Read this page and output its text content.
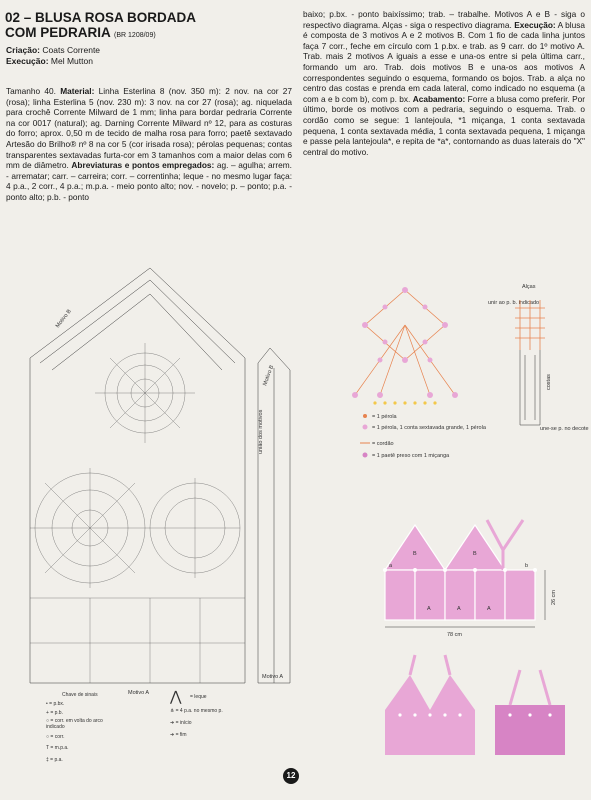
02 – BLUSA ROSA BORDADA
COM PEDRARIA (BR 1208/09)
Criação: Coats Corrente
Execução: Mel Mutton
Tamanho 40. Material: Linha Esterlina 8 (nov. 350 m): 2 nov. na cor 27 (rosa); linha Esterlina 5 (nov. 230 m): 3 nov. na cor 27 (rosa); ag. niquelada para crochê Corrente Milward de 1 mm; linha para bordar pedraria Corrente na cor 0017 (natural); ag. Darning Corrente Milward nº 12, para as costuras do forro; aprox. 0,50 m de tecido de malha rosa para forro; paetê sextavado Artesão do Brilho® nº 8 na cor 5 (cor irisada rosa); pérolas pequenas; contas transparentes sextavadas furta-cor em 3 tamanhos com a maior delas com 6 mm de diâmetro. Abreviaturas e pontos empregados: ag. – agulha; arrem. - arrematar; carr. – carreira; corr. – correntinha; leque - no mesmo lugar faça: 4 p.a., 2 corr., 4 p.a.; m.p.a. - meio ponto alto; nov. - novelo; p. – ponto; p.a. - ponto alto; p.b. - ponto
baixo; p.bx. - ponto baixíssimo; trab. – trabalhe. Motivos A e B - siga o respectivo diagrama. Alças - siga o respectivo diagrama. Execução: A blusa é composta de 3 motivos A e 2 motivos B. Com 1 fio de cada linha juntos faça 7 corr., feche em círculo com 1 p.bx. e trab. as 9 carr. do 1º motivo A. Trab. mais 2 motivos A iguais a esse e una-os entre si pela última carr., formando um aro. Trab. dois motivos B e una-os aos motivos A correspondentes seguindo o esquema, formando os bojos. Trab. a alça no centro das costas e prenda em cada lateral, como indicado no esquema (a com a e b com b), com p. bx. Acabamento: Forre a blusa como preferir. Por último, borde os motivos com a pedraria, seguindo o esquema. Trab. o cordão como se segue: 1 lantejoula, *1 miçanga, 1 conta sextavada pequena, 1 conta sextavada média, 1 conta sextavada pequena, 1 miçanga e passe pela lantejoula*, e repita de *a*, contornando as duas laterais do "X" central do motivo.
Motivo B
Motivo B
união dos motivos
Motivo A
Motivo A
Chave de sinais
• = p.bx.
+ = p.b.
○ = corr. em volta do arco indicado
○ = corr.
T = m.p.a.
‡ = p.a.
⋀ = leque
⋔ = 4 p.a. no mesmo p.
➜ = início
➜ = fim
= 1 pérola
= 1 pérola, 1 conta sextavada grande, 1 pérola
= cordão
= 1 paetê preso com 1 miçanga
Alças
unir ao p. b. indicado
costas
une-se p. no decote
B	B
A	A	A
a	b
78 cm
26 cm
12
